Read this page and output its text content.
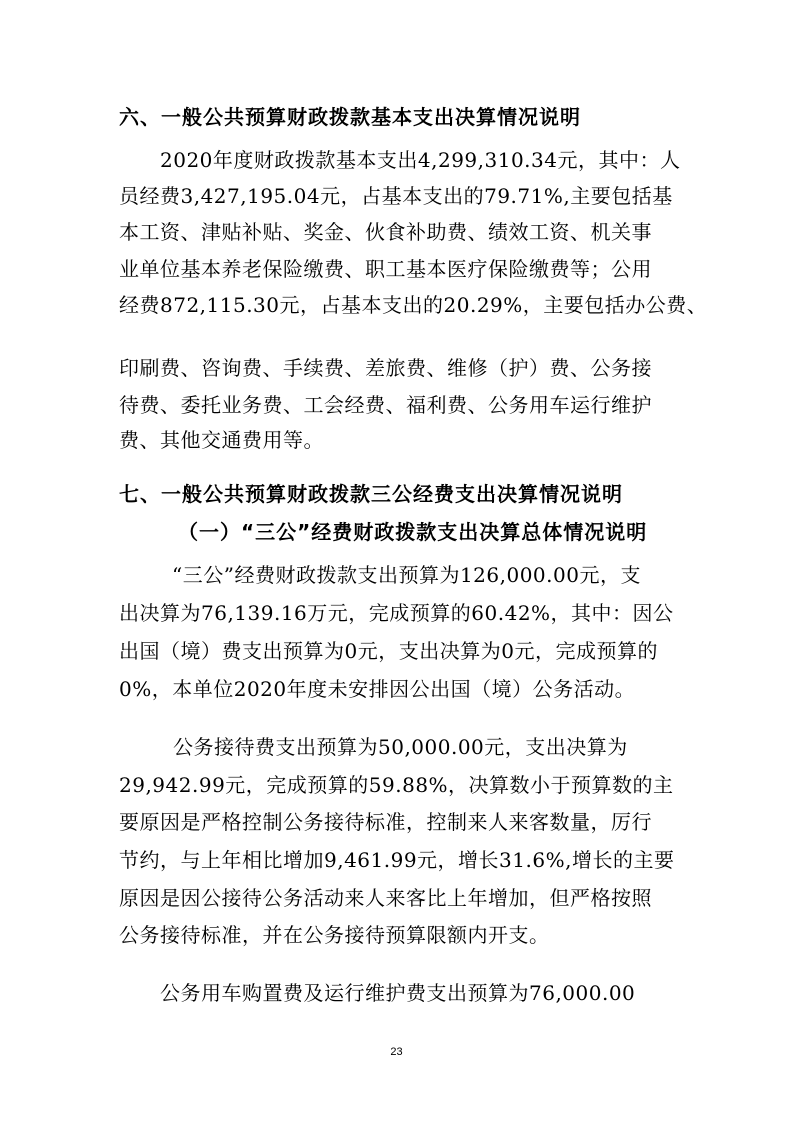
六、一般公共预算财政拨款基本支出决算情况说明
2020年度财政拨款基本支出4,299,310.34元，其中：人
员经费3,427,195.04元，占基本支出的79.71%,主要包括基
本工资、津贴补贴、奖金、伙食补助费、绩效工资、机关事
业单位基本养老保险缴费、职工基本医疗保险缴费等；公用
经费872,115.30元，占基本支出的20.29%，主要包括办公费、
印刷费、咨询费、手续费、差旅费、维修（护）费、公务接
待费、委托业务费、工会经费、福利费、公务用车运行维护
费、其他交通费用等。
七、一般公共预算财政拨款三公经费支出决算情况说明
（一）“三公”经费财政拨款支出决算总体情况说明
“三公”经费财政拨款支出预算为126,000.00元，支
出决算为76,139.16万元，完成预算的60.42%，其中：因公
出国（境）费支出预算为0元，支出决算为0元，完成预算的
0%，本单位2020年度未安排因公出国（境）公务活动。
公务接待费支出预算为50,000.00元，支出决算为
29,942.99元，完成预算的59.88%，决算数小于预算数的主
要原因是严格控制公务接待标准，控制来人来客数量，厉行
节约，与上年相比增加9,461.99元，增长31.6%,增长的主要
原因是因公接待公务活动来人来客比上年增加，但严格按照
公务接待标准，并在公务接待预算限额内开支。
公务用车购置费及运行维护费支出预算为76,000.00
23
